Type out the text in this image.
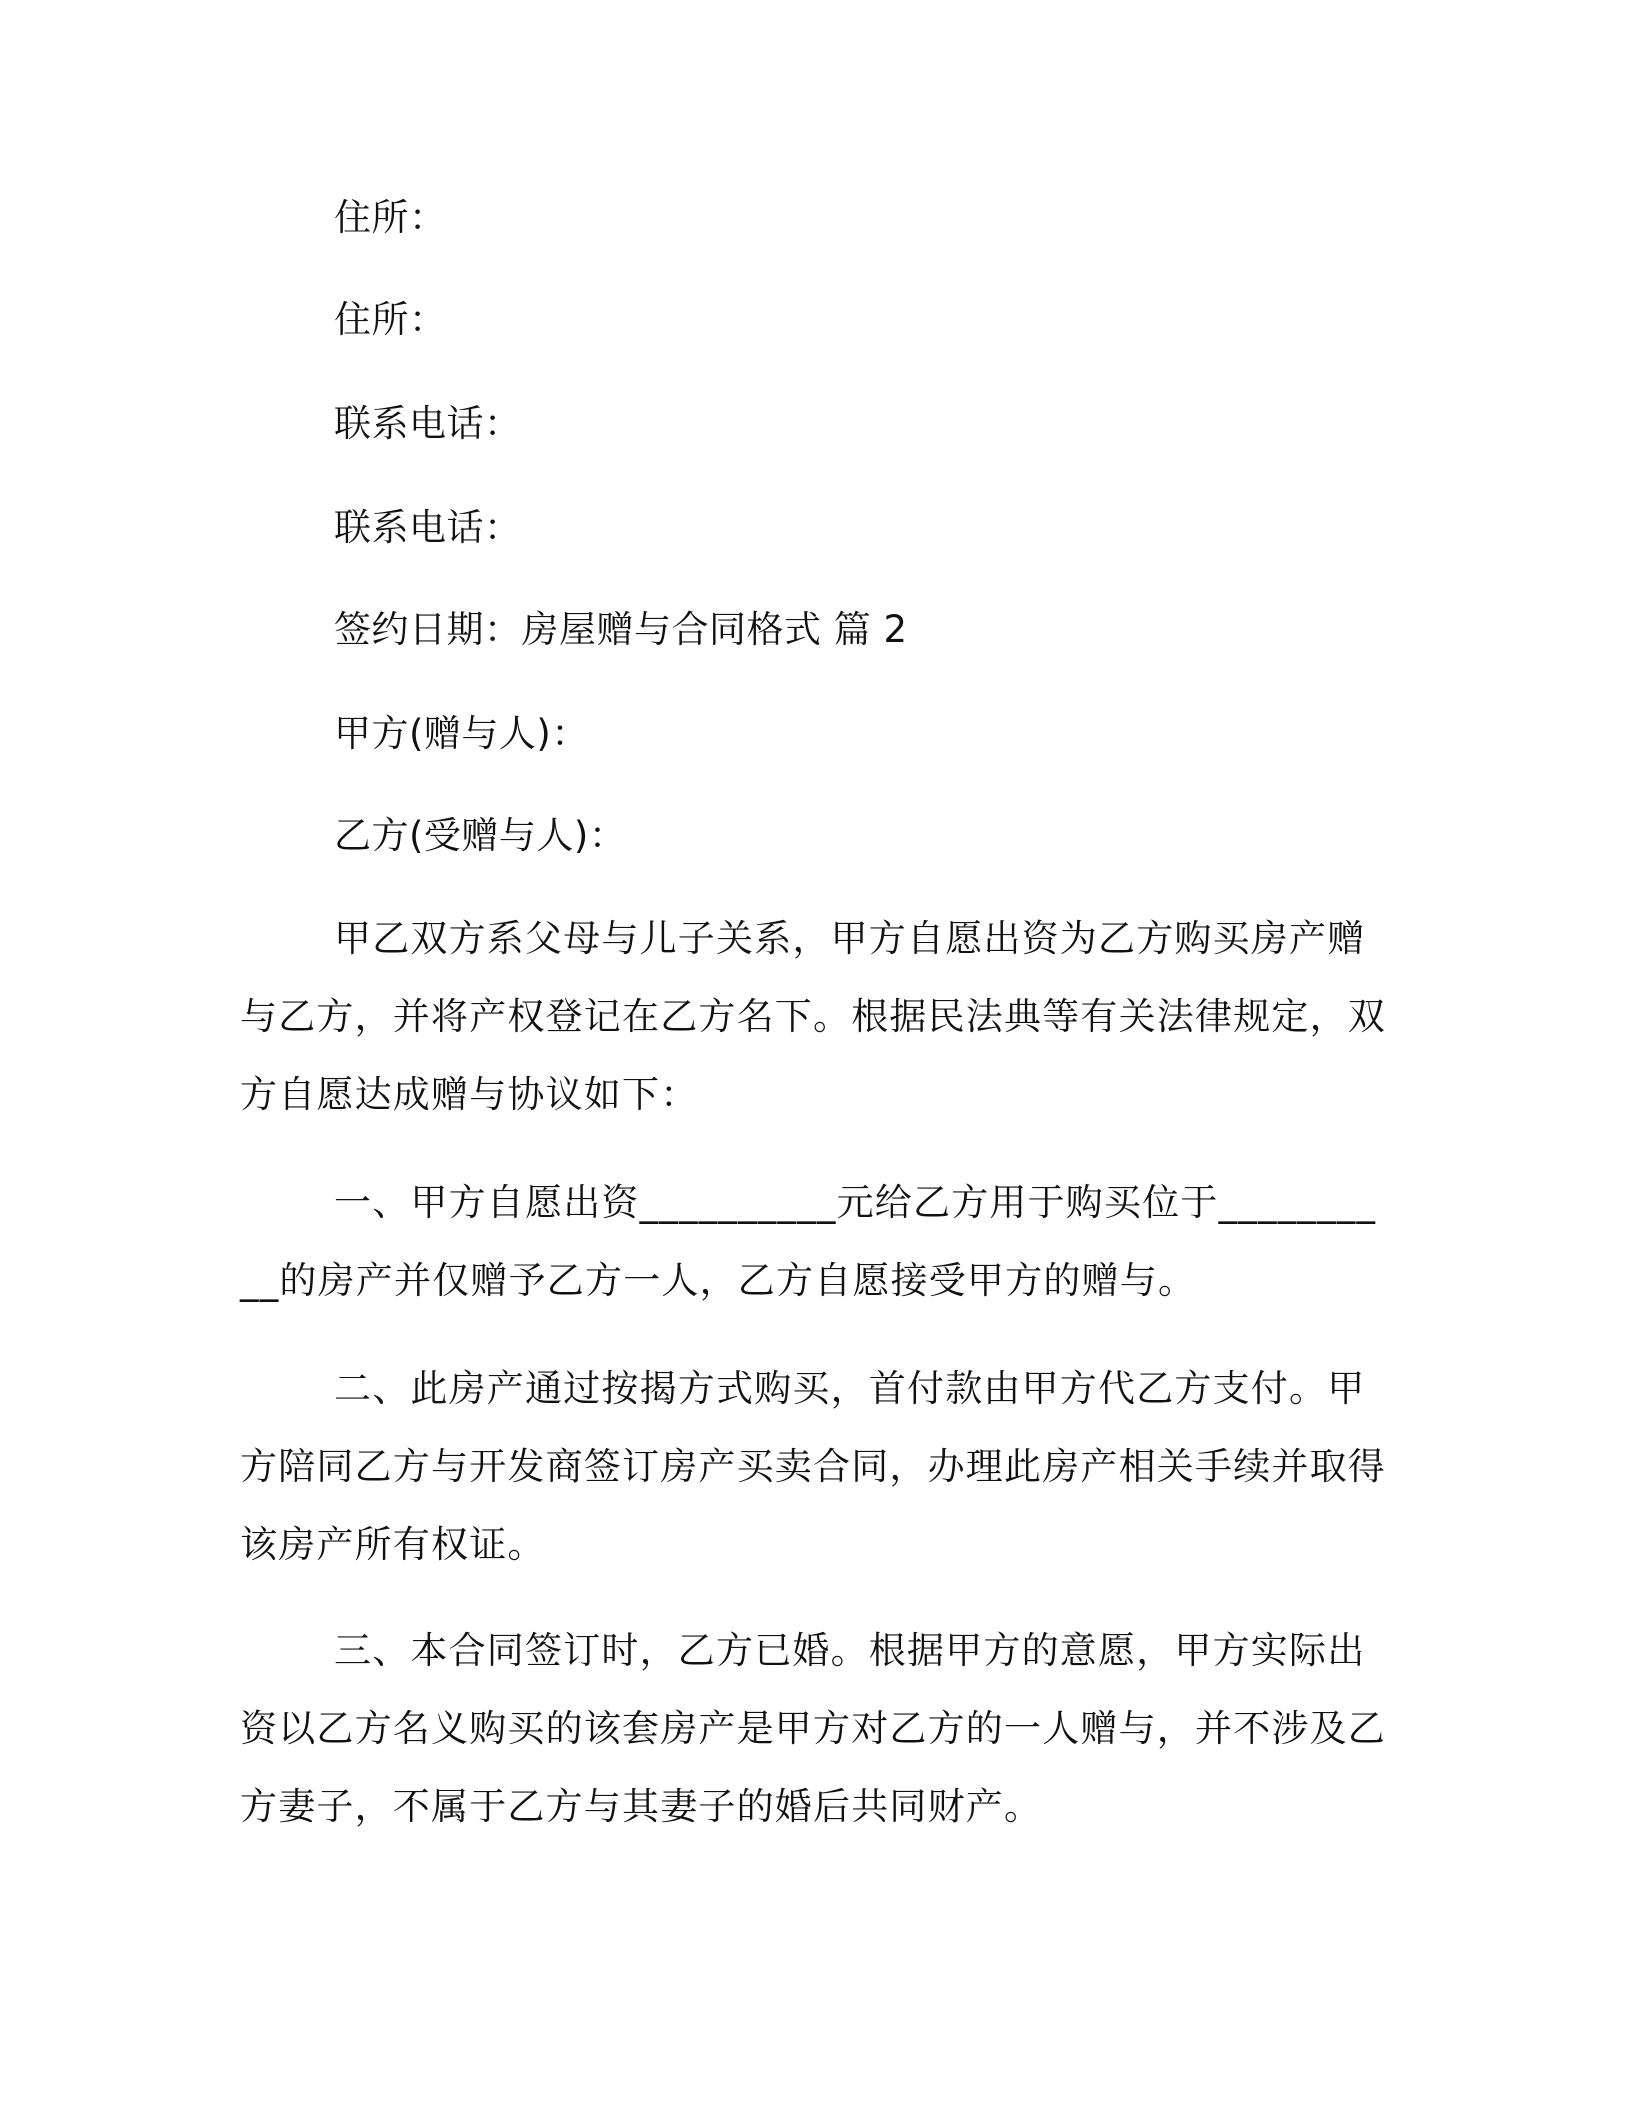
住所：
住所：
联系电话：
联系电话：
签约日期：房屋赠与合同格式 篇 2
甲方(赠与人)：
乙方(受赠与人)：

甲乙双方系父母与儿子关系，甲方自愿出资为乙方购买房产赠与乙方，并将产权登记在乙方名下。根据民法典等有关法律规定，双方自愿达成赠与协议如下：

一、甲方自愿出资__________元给乙方用于购买位于__________的房产并仅赠予乙方一人，乙方自愿接受甲方的赠与。

二、此房产通过按揭方式购买，首付款由甲方代乙方支付。甲方陪同乙方与开发商签订房产买卖合同，办理此房产相关手续并取得该房产所有权证。

三、本合同签订时，乙方已婚。根据甲方的意愿，甲方实际出资以乙方名义购买的该套房产是甲方对乙方的一人赠与，并不涉及乙方妻子，不属于乙方与其妻子的婚后共同财产。
